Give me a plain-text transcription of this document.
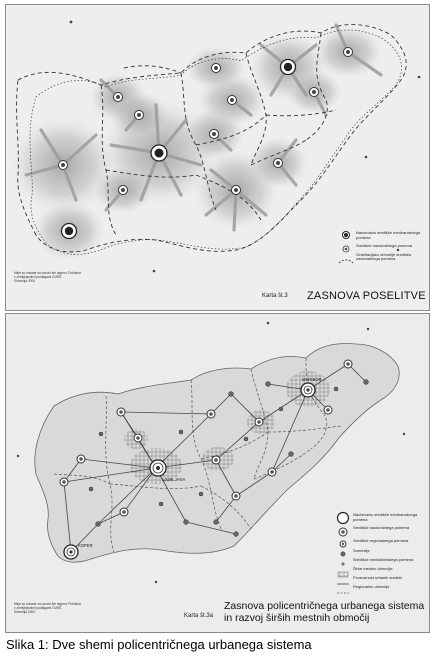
Nacionalno središče mednarodnega pomena
Središče nacionalnega pomena
Gravitacijsko območje središča nacionalnega pomena
Meje so vrisane na osnovi teh legend. Pokritost
z zemljepisnimi podlagami GURS.
Slovenija 2004
Karta št.3 ZASNOVA POSELITVE
LJUBLJANA
MARIBOR
KOPER
Nacionalno središče mednarodnega pomena
Središče nacionalnega pomena
Središče regionalnega pomena
Somestje
Središče medobčinskega pomena
Širše mestno območje
Povezanost urbanih središč
Regionalno območje
Meje so vrisane na osnovi teh legend. Pokritost
z zemljepisnimi podlagami GURS.
Slovenija 2004
Karta št.3a
Zasnova policentričnega urbanega sistema
in razvoj širših mestnih območij
Slika 1: Dve shemi policentričnega urbanega sistema
